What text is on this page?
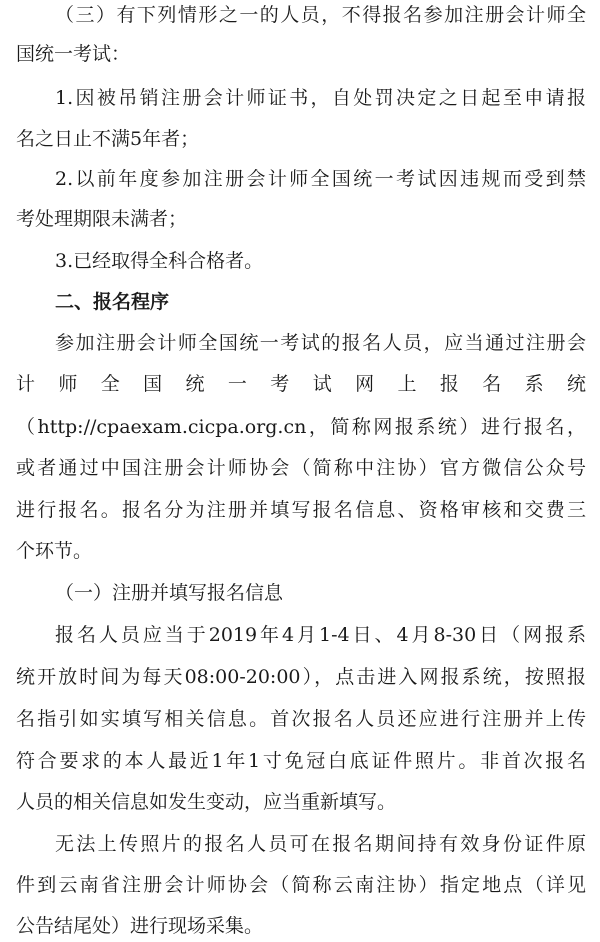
（三）有下列情形之一的人员，不得报名参加注册会计师全
国统一考试：
1.因被吊销注册会计师证书，自处罚决定之日起至申请报
名之日止不满5年者；
2.以前年度参加注册会计师全国统一考试因违规而受到禁
考处理期限未满者；
3.已经取得全科合格者。
二、报名程序
参加注册会计师全国统一考试的报名人员，应当通过注册会
计 师 全 国 统 一 考 试 网 上 报 名 系 统
（http://cpaexam.cicpa.org.cn，简称网报系统）进行报名，
或者通过中国注册会计师协会（简称中注协）官方微信公众号
进行报名。报名分为注册并填写报名信息、资格审核和交费三
个环节。
（一）注册并填写报名信息
报名人员应当于2019年4月1-4日、4月8-30日（网报系
统开放时间为每天08:00-20:00），点击进入网报系统，按照报
名指引如实填写相关信息。首次报名人员还应进行注册并上传
符合要求的本人最近1年1寸免冠白底证件照片。非首次报名
人员的相关信息如发生变动，应当重新填写。
无法上传照片的报名人员可在报名期间持有效身份证件原
件到云南省注册会计师协会（简称云南注协）指定地点（详见
公告结尾处）进行现场采集。
